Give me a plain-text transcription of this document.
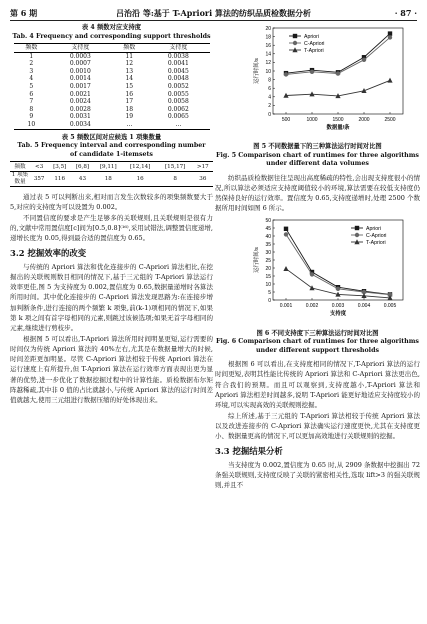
第 6 期	吕治沿 等:基于 T-Apriori 算法的纺织品质检数据分析	· 87 ·
表 4 频数对应支持度
Tab. 4 Frequency and corresponding support thresholds
频数	支持度	频数	支持度
1	0.0003	11	0.0038
2	0.0007	12	0.0041
3	0.0010	13	0.0045
4	0.0014	14	0.0048
5	0.0017	15	0.0052
6	0.0021	16	0.0055
7	0.0024	17	0.0058
8	0.0028	18	0.0062
9	0.0031	19	0.0065
10	0.0034	…	…
表 5 频数区间对应候选 1 项集数量
Tab. 5 Frequency interval and corresponding number
of candidate 1-itemsets
频数	<3	[3,5]	[6,8]	[9,11]	[12,14]	[15,17]	>17
1 项集数量	357	116	43	18	16	8	36

通过表 5 可以判断出来,相对而言发生次数较多的项集频数要大于 5,对应的支持度为可以设置为 0.002。

不同置信度的要求是产生足够多的关联规则,且关联规则是很有力的,文献中常用置信度[c]间为[0.5,0.8]⁽¹⁶⁾,采用试错法,调整置信度递增,递增长度为 0.05,得到最合适的置信度为 0.65。

3.2 挖掘效率的改变

与传统的 Apriori 算法和优化连接步的 C-Apriori 算法相比,在挖掘出的关联规则数目相同的情况下,基于三元组的 T-Apriori 算法运行效率更佳,图 5 为支持度为 0.002,置信度为 0.65,数据量递增时各算法所用时间。其中优化连接步的 C-Apriori 算法发现思路为:在连接步增加判断条件,进行连接的两个频繁 k 项集,前(k-1)项相同的情况下,如果第 k 项之间有首字母相同的元素,则跳过该候选项;如果无首字母相同的元素,继续进行剪枝步。

根据图 5 可以看出,T-Apriori 算法所用时间明显更短,运行需要的时间仅为传统 Apriori 算法的 40%左右,尤其是在数据量增大的时候,时间差距更加明显。尽管 C-Apriori 算法相较于传统 Apriori 算法在运行速度上有所提升,但 T-Apriori 算法在运行效率方面表现出更为显著的优势,进一步优化了数据挖掘过程中的计算性能。质检数据布尔矩阵越稀疏,其中非 0 值的占比就越小,与传统 Apriori 算法的运行时间差值就越大,使用三元组进行数据压缩的好处体现出来。

0
2
4
6
8
10
12
14
16
18
20
500	1000	1500	2000	2500
运行时间/s
数据量/条
Apriori
C-Apriori
T-Apriori
图 5 不同数据量下的三种算法运行时间对比图
Fig. 5 Comparison chart of runtimes for three algorithms
under different data volumes

纺织品质检数据往往呈现出高度稀疏的特性,会出现支持度很小的情况,所以算法必须适应支持度阈值较小的环境,算法需要在较低支持度仍然保持良好的运行效率。置信度为 0.65,支持度递增时,处理 2500 个数据所用时间如图 6 所示。

0
5
10
15
20
25
30
35
40
45
50
0.001	0.002	0.003	0.004	0.005
运行时间/s
支持度
Apriori
C-Apriori
T-Apriori
图 6 不同支持度下三种算法运行时间对比图
Fig. 6 Comparison chart of runtimes for three algorithms
under different support thresholds

根据图 6 可以看出,在支持度相同的情况下,T-Apriori 算法的运行时间更短,表明其性能比传统的 Apriori 算法和 C-Apriori 算法更出色,符合我们的预期。而且可以观察到,支持度越小,T-Apriori 算法和 Apriori 算法相差时间越多,说明 T-Apriori 能更好地适应支持度较小的环境,可以实现高效的关联规则挖掘。

综上所述,基于三元组的 T-Apriori 算法相较于传统 Apriori 算法以及改进连接步的 C-Apriori 算法确实运行速度更快,尤其在支持度更小、数据量更高的情况下,可以更加高效地进行关联规则的挖掘。

3.3 挖掘结果分析

当支持度为 0.002,置信度为 0.65 时,从 2909 条数据中挖掘出 72 条强关联规则,支持度反映了关联的紧密相关性,选取 lift>3 的强关联规则,并且不
